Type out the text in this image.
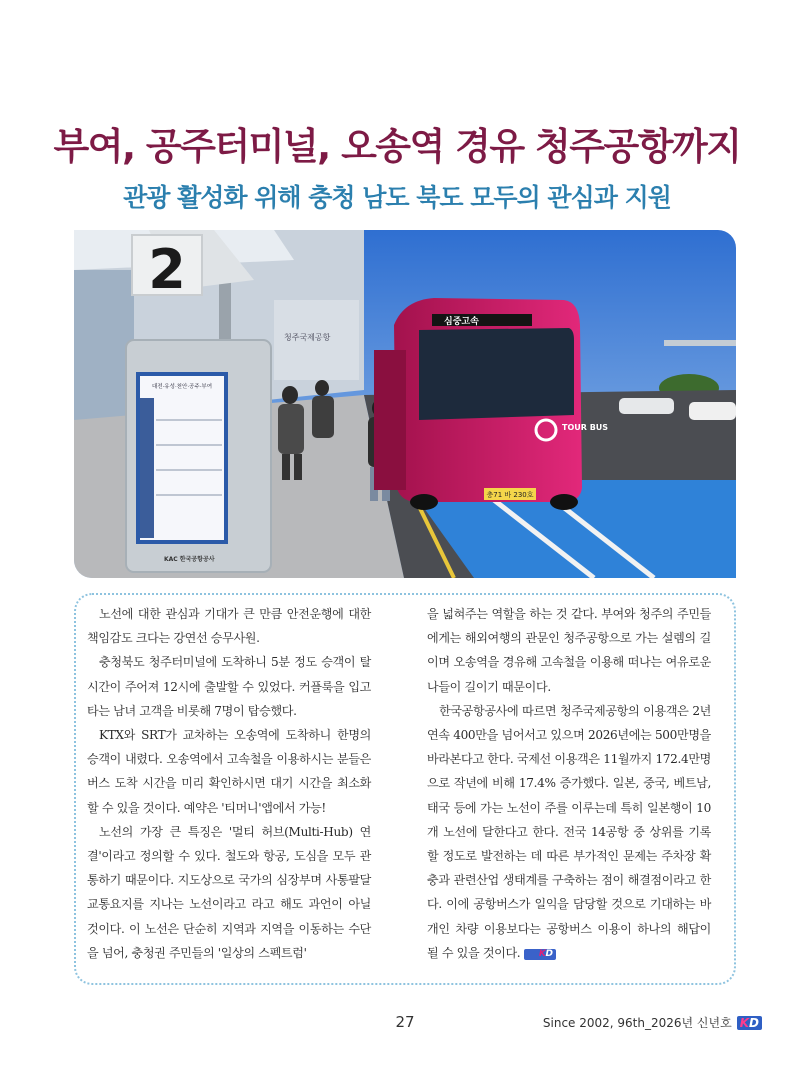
부여, 공주터미널, 오송역 경유 청주공항까지
관광 활성화 위해 충청 남도 북도 모두의 관심과 지원
청주국제공항
2
대전·유성·천안·공주·부여
KAC 한국공항공사
심중고속
TOUR BUS
충71 바 230호

노선에 대한 관심과 기대가 큰 만큼 안전운행에 대한 책임감도 크다는 강연선 승무사원.

충청북도 청주터미널에 도착하니 5분 정도 승객이 탈 시간이 주어져 12시에 출발할 수 있었다. 커플룩을 입고 타는 남녀 고객을 비롯해 7명이 탑승했다.

KTX와 SRT가 교차하는 오송역에 도착하니 한명의 승객이 내렸다. 오송역에서 고속철을 이용하시는 분들은 버스 도착 시간을 미리 확인하시면 대기 시간을 최소화할 수 있을 것이다. 예약은 '티머니'앱에서 가능!

노선의 가장 큰 특징은 '멀티 허브(Multi-Hub) 연결'이라고 정의할 수 있다. 철도와 항공, 도심을 모두 관통하기 때문이다. 지도상으로 국가의 심장부며 사통팔달 교통요지를 지나는 노선이라고 라고 해도 과언이 아닐 것이다. 이 노선은 단순히 지역과 지역을 이동하는 수단을 넘어, 충청권 주민들의 '일상의 스펙트럼'

을 넓혀주는 역할을 하는 것 같다. 부여와 청주의 주민들에게는 해외여행의 관문인 청주공항으로 가는 설렘의 길이며 오송역을 경유해 고속철을 이용해 떠나는 여유로운 나들이 길이기 때문이다.

한국공항공사에 따르면 청주국제공항의 이용객은 2년연속 400만을 넘어서고 있으며 2026년에는 500만명을 바라본다고 한다. 국제선 이용객은 11월까지 172.4만명으로 작년에 비해 17.4% 증가했다. 일본, 중국, 베트남, 태국 등에 가는 노선이 주를 이루는데 특히 일본행이 10개 노선에 달한다고 한다. 전국 14공항 중 상위를 기록할 정도로 발전하는 데 따른 부가적인 문제는 주차장 확충과 관련산업 생태계를 구축하는 점이 해결점이라고 한다. 이에 공항버스가 일익을 담당할 것으로 기대하는 바 개인 차량 이용보다는 공항버스 이용이 하나의 해답이 될 수 있을 것이다. KD

27	Since 2002, 96th_2026년 신년호 KD
